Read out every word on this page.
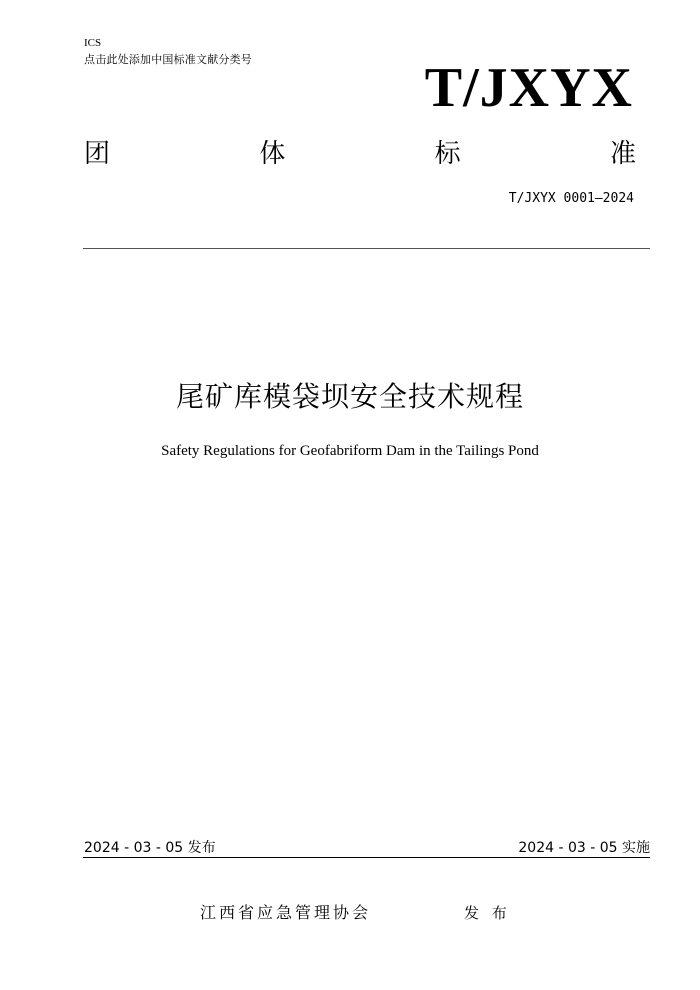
ICS
点击此处添加中国标准文献分类号	T/JXYX
团	体	标	准
T/JXYX 0001—2024
尾矿库模袋坝安全技术规程
Safety Regulations for Geofabriform Dam in the Tailings Pond
2024 - 03 - 05 发布	2024 - 03 - 05 实施
江西省应急管理协会	发 布
